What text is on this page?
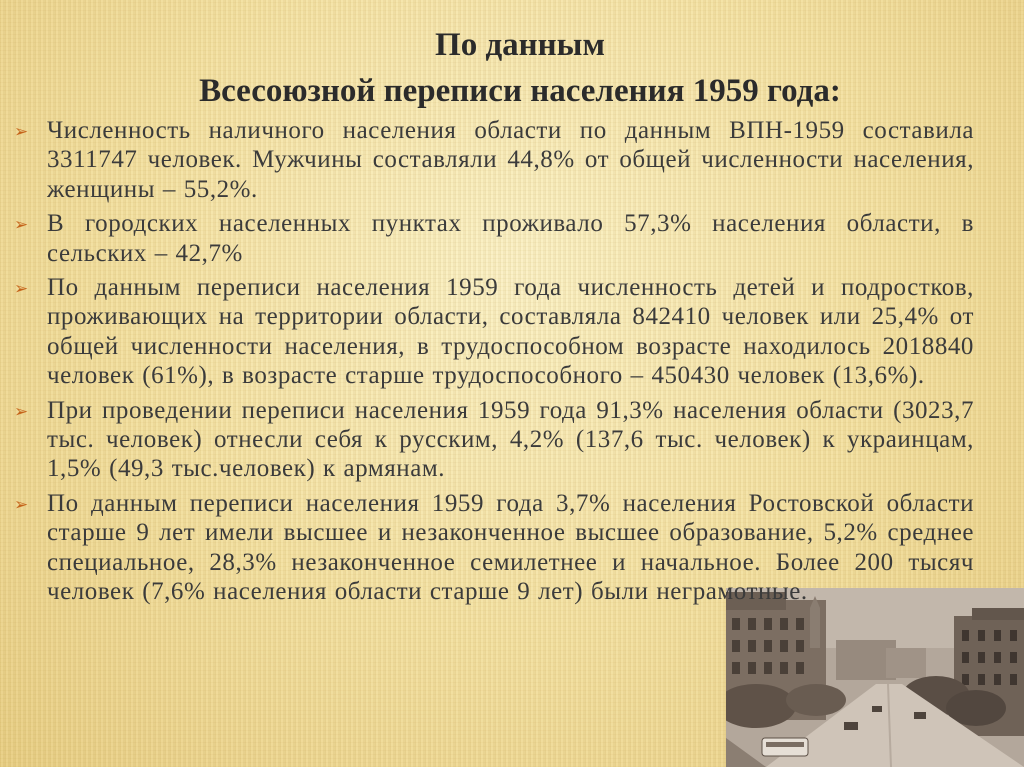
По данным
Всесоюзной переписи населения 1959 года:
➢ Численность наличного населения области по данным ВПН-1959 составила 3311747 человек. Мужчины составляли 44,8% от общей численности населения, женщины – 55,2%.
➢ В городских населенных пунктах проживало 57,3% населения области, в сельских – 42,7%
➢ По данным переписи населения 1959 года численность детей и подростков, проживающих на территории области, составляла 842410 человек или 25,4% от общей численности населения, в трудоспособном возрасте находилось 2018840 человек (61%), в возрасте старше трудоспособного – 450430 человек (13,6%).
➢ При проведении переписи населения 1959 года 91,3% населения области (3023,7 тыс. человек) отнесли себя к русским, 4,2% (137,6 тыс. человек) к украинцам, 1,5% (49,3 тыс.человек) к армянам.
➢ По данным переписи населения 1959 года 3,7% населения Ростовской области старше 9 лет имели высшее и незаконченное высшее образование, 5,2% среднее специальное, 28,3% незаконченное семилетнее и начальное. Более 200 тысяч человек (7,6% населения области старше 9 лет) были неграмотные.
